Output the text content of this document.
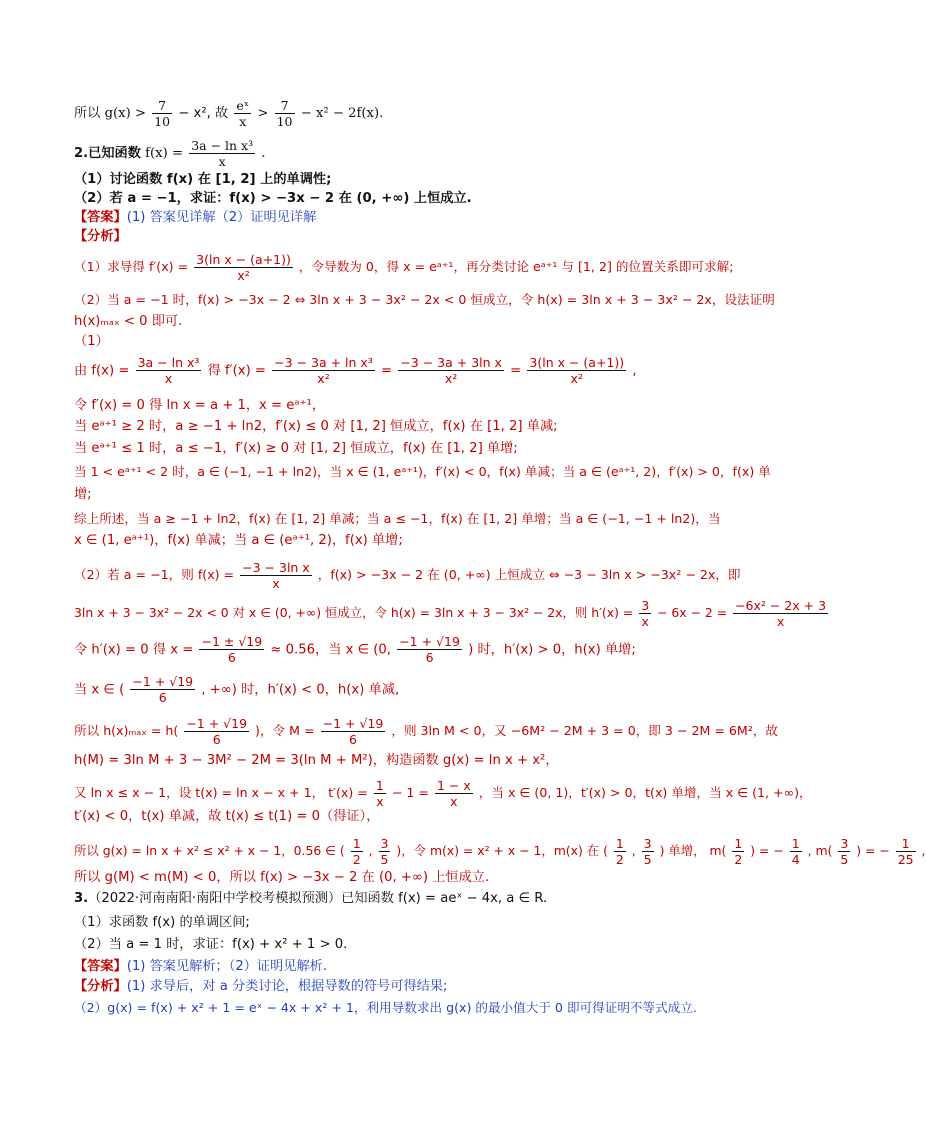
所以 $g(x) > \frac{7}{10} - x^2$, 故 $\frac{\text{eˣ}}{x} > \frac{7}{10} - x^2 - 2f(x)$.
2.已知函数 $f(x) = \frac{\text{3a − ln x³}}{x}$ .
（1）讨论函数 f(x) 在 [1, 2] 上的单调性;
（2）若 a = −1，求证：f(x) > −3x − 2 在 (0, +∞) 上恒成立.
【答案】(1) 答案见详解（2）证明见详解
【分析】
（1）求导得 $f'(x) = \frac{\text{3(ln x − (a+1))}}{\text{x²}}$ ，令导数为 0，得 x = eᵃ⁺¹，再分类讨论 eᵃ⁺¹ 与 [1, 2] 的位置关系即可求解;
（2）当 a = −1 时，f(x) > −3x − 2 ⇔ 3ln x + 3 − 3x² − 2x < 0 恒成立，令 h(x) = 3ln x + 3 − 3x² − 2x，设法证明
h(x)ₘₐₓ < 0 即可.
（1）
由 $f(x) = \frac{\text{3a − ln x³}}{x}$ 得 $f'(x) = \frac{\text{−3 − 3a + ln x³}}{\text{x²}} = \frac{\text{−3 − 3a + 3ln x}}{\text{x²}} = \frac{\text{3(ln x − (a+1))}}{\text{x²}}$ ,
令 f′(x) = 0 得 ln x = a + 1，x = eᵃ⁺¹，
当 eᵃ⁺¹ ≥ 2 时，a ≥ −1 + ln2，f′(x) ≤ 0 对 [1, 2] 恒成立，f(x) 在 [1, 2] 单减;
当 eᵃ⁺¹ ≤ 1 时，a ≤ −1，f′(x) ≥ 0 对 [1, 2] 恒成立，f(x) 在 [1, 2] 单增;
当 1 < eᵃ⁺¹ < 2 时，a ∈ (−1, −1 + ln2)，当 x ∈ (1, eᵃ⁺¹)，f′(x) < 0，f(x) 单减；当 a ∈ (eᵃ⁺¹, 2)，f′(x) > 0，f(x) 单
增;
综上所述，当 a ≥ −1 + ln2，f(x) 在 [1, 2] 单减；当 a ≤ −1，f(x) 在 [1, 2] 单增；当 a ∈ (−1, −1 + ln2)，当
x ∈ (1, eᵃ⁺¹)，f(x) 单减；当 a ∈ (eᵃ⁺¹, 2)，f(x) 单增;
（2）若 a = −1，则 $f(x) = \frac{\text{−3 − 3ln x}}{x}$ ，f(x) > −3x − 2 在 (0, +∞) 上恒成立 ⇔ −3 − 3ln x > −3x² − 2x，即
3ln x + 3 − 3x² − 2x < 0 对 x ∈ (0, +∞) 恒成立，令 h(x) = 3ln x + 3 − 3x² − 2x，则 $h'(x) = \frac{3}{x} - 6x - 2 = \frac{\text{−6x² − 2x + 3}}{x}$
令 h′(x) = 0 得 $x = \frac{-1 \pm √19}{6} \approx 0.56$，当 x ∈ (0, $\frac{-1 + √19}{6}$ ) 时，h′(x) > 0，h(x) 单增;
当 x ∈ ( $\frac{-1 + √19}{6}$ , +∞) 时，h′(x) < 0，h(x) 单减,
所以 $h(x)_{max} = h( \frac{-1 + √19}{6}$ )，令 $M = \frac{-1 + √19}{6}$ ，则 3ln M < 0，又 −6M² − 2M + 3 = 0，即 3 − 2M = 6M²，故
h(M) = 3ln M + 3 − 3M² − 2M = 3(ln M + M²)，构造函数 g(x) = ln x + x²，
又 ln x ≤ x − 1，设 t(x) = ln x − x + 1， $t'(x) = \frac{1}{x} - 1 = \frac{1 - x}{x}$ ，当 x ∈ (0, 1)，t′(x) > 0，t(x) 单增，当 x ∈ (1, +∞)，
t′(x) < 0，t(x) 单减，故 t(x) ≤ t(1) = 0（得证），
所以 g(x) = ln x + x² ≤ x² + x − 1，0.56 ∈ ( $\frac{1}{2}$ , $\frac{3}{5}$ )，令 m(x) = x² + x − 1，m(x) 在 ( $\frac{1}{2}$ , $\frac{3}{5}$ ) 单增， $m( \frac{1}{2}$ ) = − $\frac{1}{4}$ , $m( \frac{3}{5}$ ) = − $\frac{1}{25}$ ,
所以 g(M) < m(M) < 0，所以 f(x) > −3x − 2 在 (0, +∞) 上恒成立.
3.（2022·河南南阳·南阳中学校考模拟预测）已知函数 f(x) = aeˣ − 4x, a ∈ R.
（1）求函数 f(x) 的单调区间;
（2）当 a = 1 时，求证：f(x) + x² + 1 > 0.
【答案】(1) 答案见解析；（2）证明见解析.
【分析】(1) 求导后，对 a 分类讨论，根据导数的符号可得结果;
（2）g(x) = f(x) + x² + 1 = eˣ − 4x + x² + 1，利用导数求出 g(x) 的最小值大于 0 即可得证明不等式成立.
